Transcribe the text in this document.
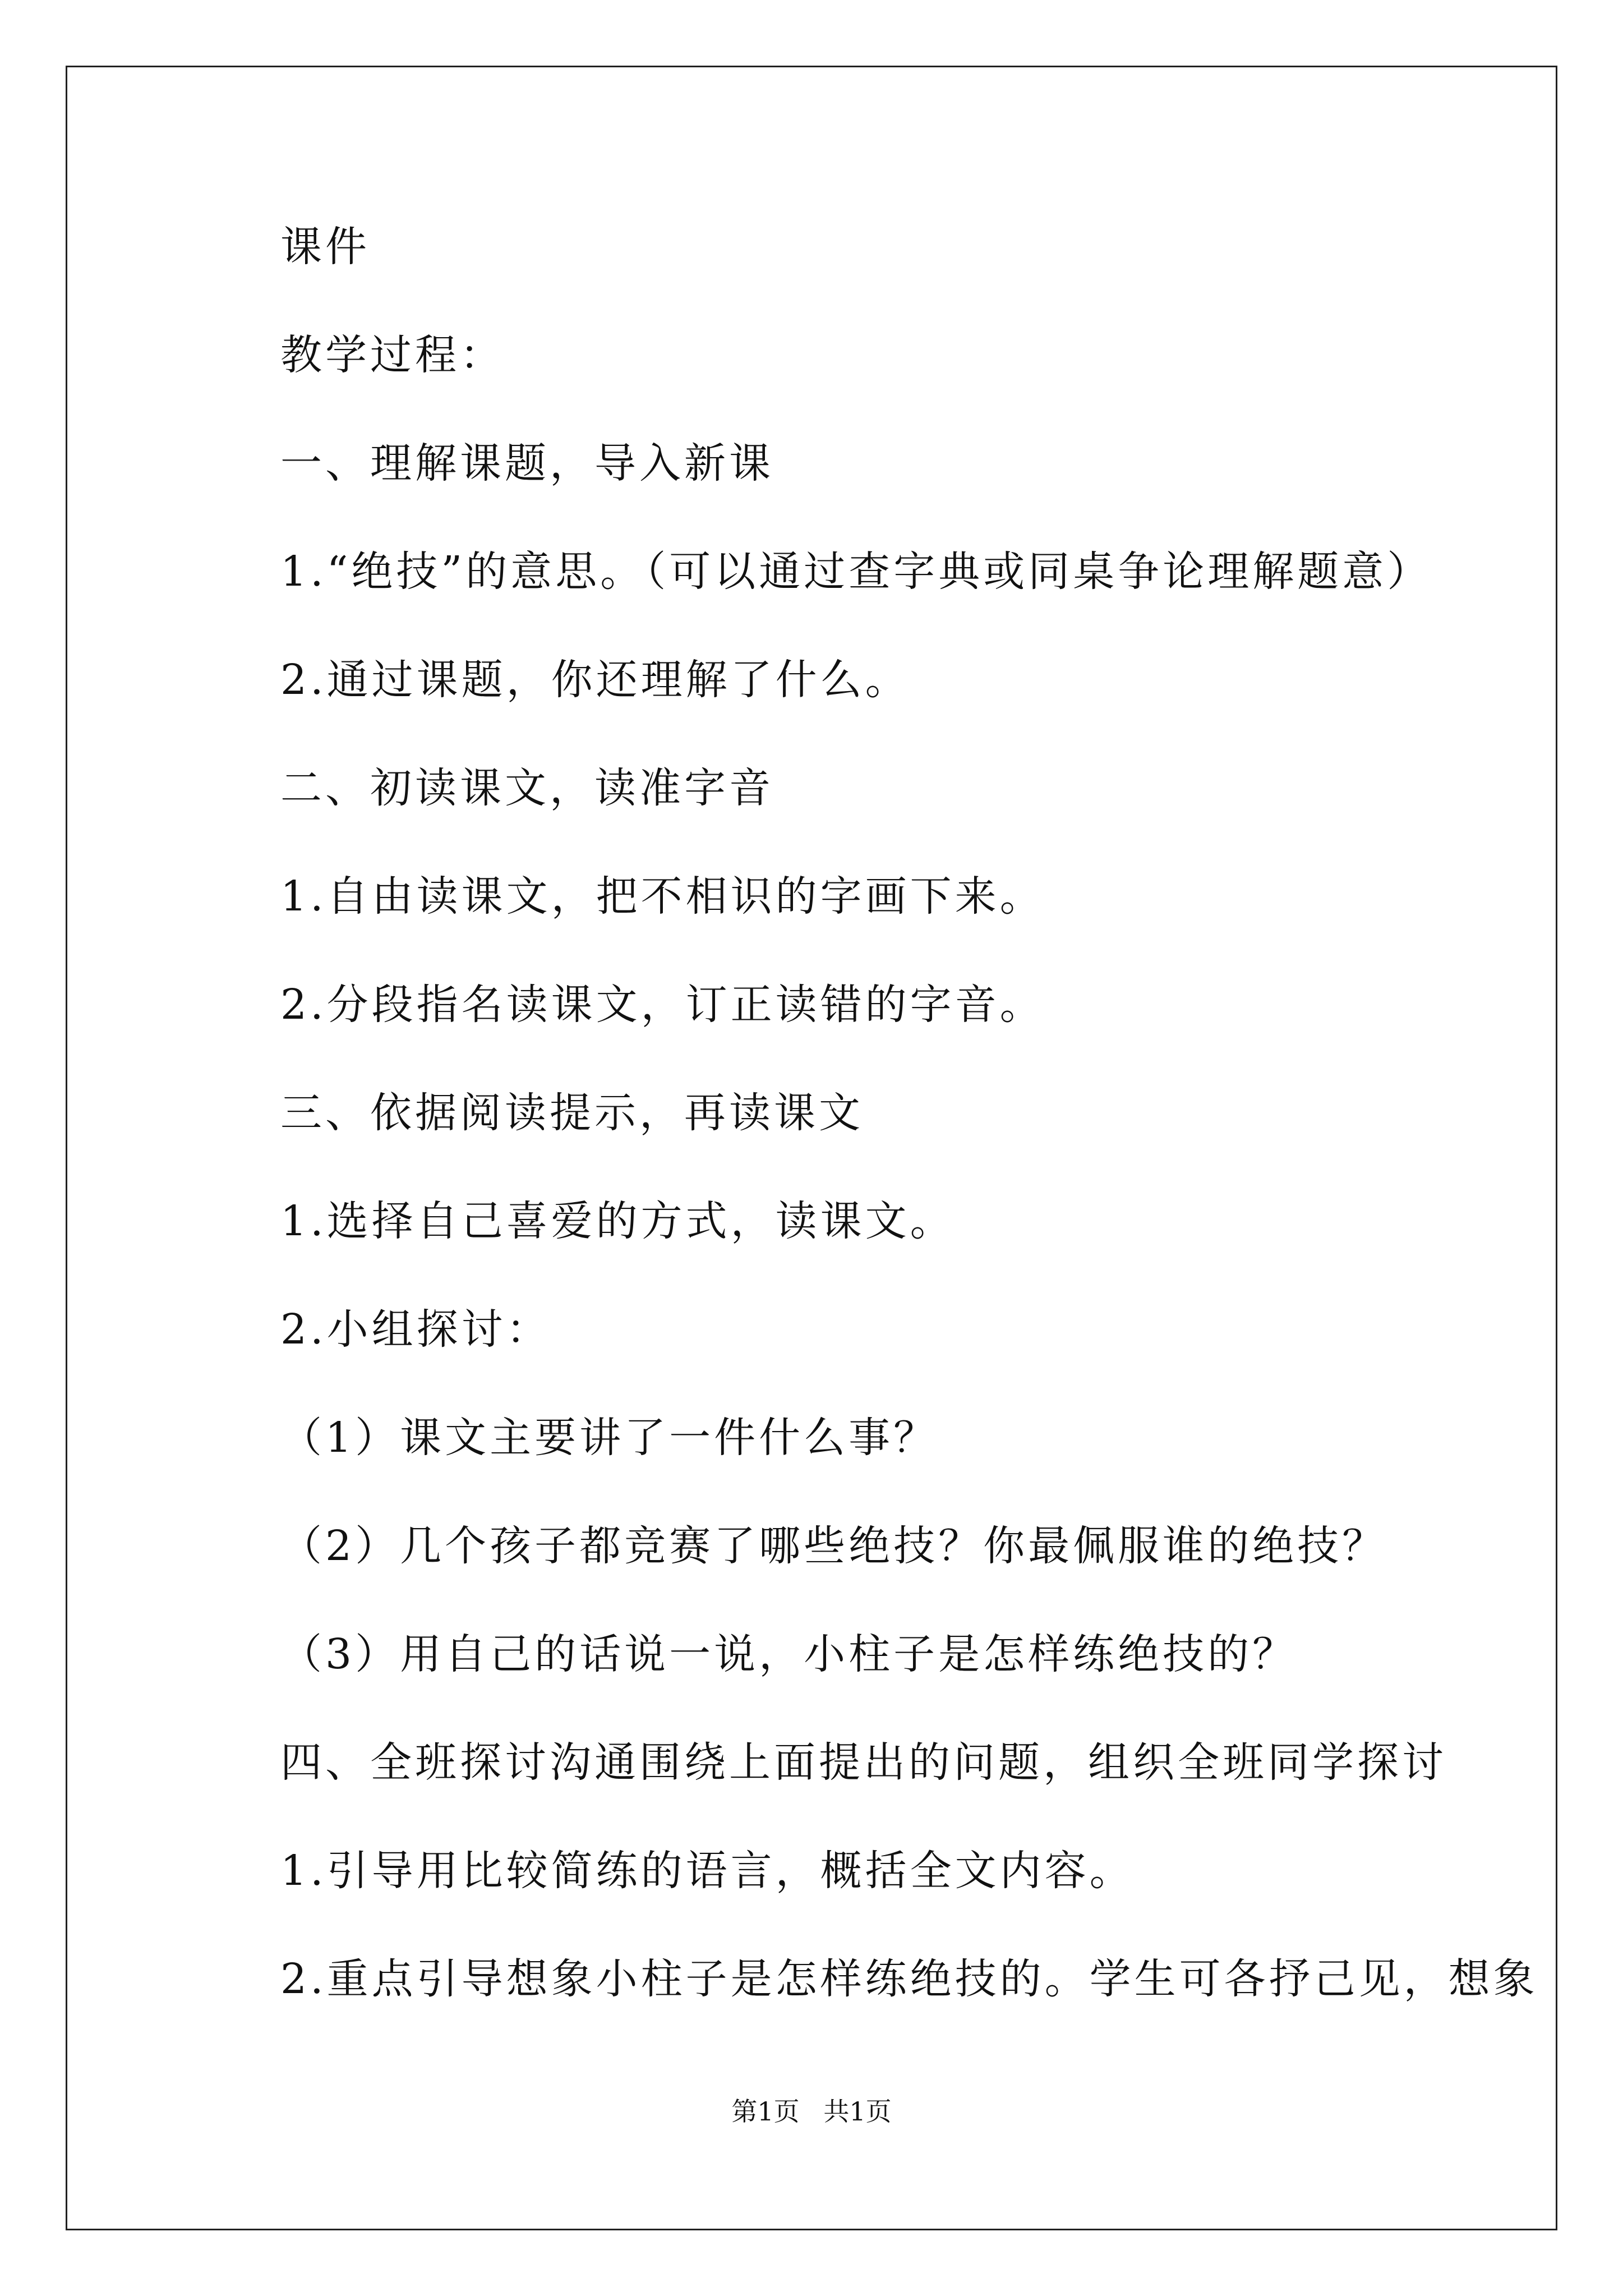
课件
教学过程：
一、理解课题，导入新课
1.“绝技”的意思。（可以通过查字典或同桌争论理解题意）
2.通过课题，你还理解了什么。
二、初读课文，读准字音
1.自由读课文，把不相识的字画下来。
2.分段指名读课文，订正读错的字音。
三、依据阅读提示，再读课文
1.选择自己喜爱的方式，读课文。
2.小组探讨：
（1）课文主要讲了一件什么事？
（2）几个孩子都竞赛了哪些绝技？你最佩服谁的绝技？
（3）用自己的话说一说，小柱子是怎样练绝技的？
四、全班探讨沟通围绕上面提出的问题，组织全班同学探讨
1.引导用比较简练的语言，概括全文内容。
2.重点引导想象小柱子是怎样练绝技的。学生可各抒己见，想象
第1页 共1页
